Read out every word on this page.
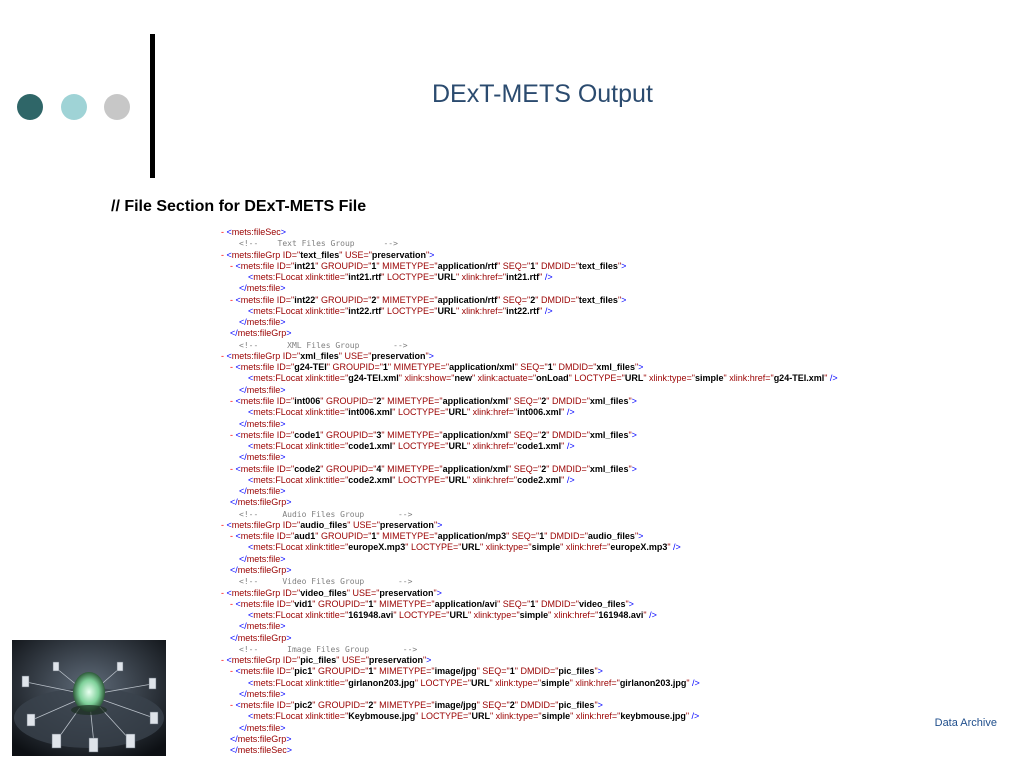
DExT-METS Output
// File Section for DExT-METS File
- <mets:fileSec>
<!--    Text Files Group      -->
- <mets:fileGrp ID="text_files" USE="preservation">
- <mets:file ID="int21" GROUPID="1" MIMETYPE="application/rtf" SEQ="1" DMDID="text_files">
<mets:FLocat xlink:title="int21.rtf" LOCTYPE="URL" xlink:href="int21.rtf" />
</mets:file>
- <mets:file ID="int22" GROUPID="2" MIMETYPE="application/rtf" SEQ="2" DMDID="text_files">
<mets:FLocat xlink:title="int22.rtf" LOCTYPE="URL" xlink:href="int22.rtf" />
</mets:file>
</mets:fileGrp>
<!--      XML Files Group       -->
- <mets:fileGrp ID="xml_files" USE="preservation">
- <mets:file ID="g24-TEI" GROUPID="1" MIMETYPE="application/xml" SEQ="1" DMDID="xml_files">
<mets:FLocat xlink:title="g24-TEI.xml" xlink:show="new" xlink:actuate="onLoad" LOCTYPE="URL" xlink:type="simple" xlink:href="g24-TEI.xml" />
</mets:file>
- <mets:file ID="int006" GROUPID="2" MIMETYPE="application/xml" SEQ="2" DMDID="xml_files">
<mets:FLocat xlink:title="int006.xml" LOCTYPE="URL" xlink:href="int006.xml" />
</mets:file>
- <mets:file ID="code1" GROUPID="3" MIMETYPE="application/xml" SEQ="2" DMDID="xml_files">
<mets:FLocat xlink:title="code1.xml" LOCTYPE="URL" xlink:href="code1.xml" />
</mets:file>
- <mets:file ID="code2" GROUPID="4" MIMETYPE="application/xml" SEQ="2" DMDID="xml_files">
<mets:FLocat xlink:title="code2.xml" LOCTYPE="URL" xlink:href="code2.xml" />
</mets:file>
</mets:fileGrp>
<!--     Audio Files Group       -->
- <mets:fileGrp ID="audio_files" USE="preservation">
- <mets:file ID="aud1" GROUPID="1" MIMETYPE="application/mp3" SEQ="1" DMDID="audio_files">
<mets:FLocat xlink:title="europeX.mp3" LOCTYPE="URL" xlink:type="simple" xlink:href="europeX.mp3" />
</mets:file>
</mets:fileGrp>
<!--     Video Files Group       -->
- <mets:fileGrp ID="video_files" USE="preservation">
- <mets:file ID="vid1" GROUPID="1" MIMETYPE="application/avi" SEQ="1" DMDID="video_files">
<mets:FLocat xlink:title="161948.avi" LOCTYPE="URL" xlink:type="simple" xlink:href="161948.avi" />
</mets:file>
</mets:fileGrp>
<!--      Image Files Group       -->
- <mets:fileGrp ID="pic_files" USE="preservation">
- <mets:file ID="pic1" GROUPID="1" MIMETYPE="image/jpg" SEQ="1" DMDID="pic_files">
<mets:FLocat xlink:title="girlanon203.jpg" LOCTYPE="URL" xlink:type="simple" xlink:href="girlanon203.jpg" />
</mets:file>
- <mets:file ID="pic2" GROUPID="2" MIMETYPE="image/jpg" SEQ="2" DMDID="pic_files">
<mets:FLocat xlink:title="Keybmouse.jpg" LOCTYPE="URL" xlink:type="simple" xlink:href="keybmouse.jpg" />
</mets:file>
</mets:fileGrp>
</mets:fileSec>
Data Archive
